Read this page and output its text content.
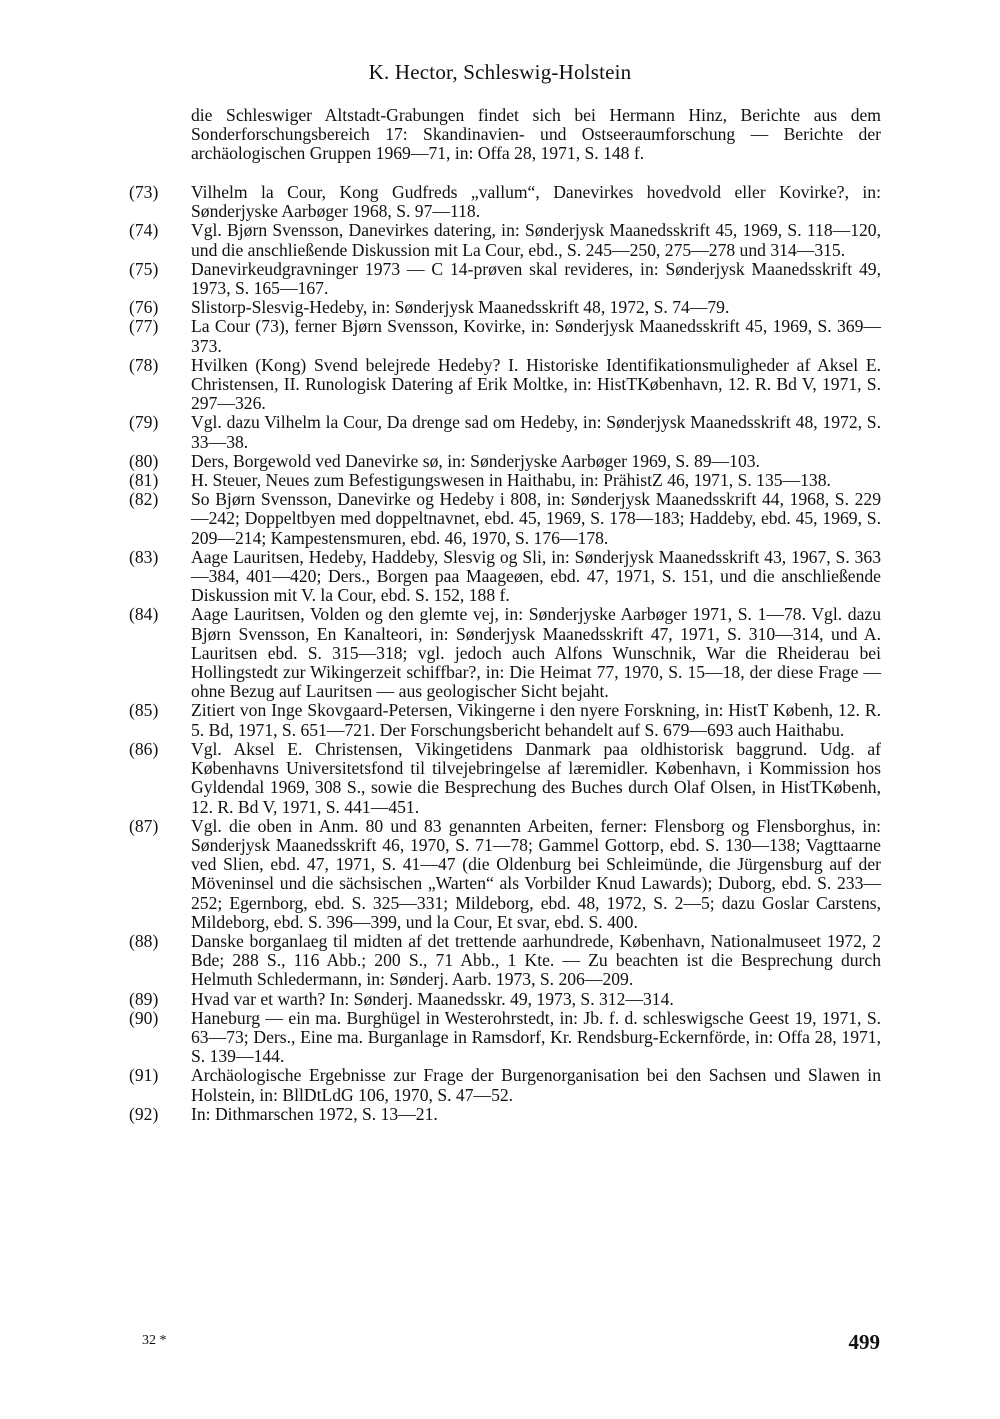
K. Hector, Schleswig-Holstein
die Schleswiger Altstadt-Grabungen findet sich bei Hermann Hinz, Berichte aus dem Sonderforschungsbereich 17: Skandinavien- und Ostseeraumforschung — Berichte der archäologischen Gruppen 1969—71, in: Offa 28, 1971, S. 148 f.
(73) Vilhelm la Cour, Kong Gudfreds „vallum“, Danevirkes hovedvold eller Kovirke?, in: Sønderjyske Aarbøger 1968, S. 97—118.
(74) Vgl. Bjørn Svensson, Danevirkes datering, in: Sønderjysk Maanedsskrift 45, 1969, S. 118—120, und die anschließende Diskussion mit La Cour, ebd., S. 245—250, 275—278 und 314—315.
(75) Danevirkeudgravninger 1973 — C 14-prøven skal revideres, in: Sønderjysk Maanedsskrift 49, 1973, S. 165—167.
(76) Slistorp-Slesvig-Hedeby, in: Sønderjysk Maanedsskrift 48, 1972, S. 74—79.
(77) La Cour (73), ferner Bjørn Svensson, Kovirke, in: Sønderjysk Maanedsskrift 45, 1969, S. 369—373.
(78) Hvilken (Kong) Svend belejrede Hedeby? I. Historiske Identifikationsmuligheder af Aksel E. Christensen, II. Runologisk Datering af Erik Moltke, in: HistTKøbenhavn, 12. R. Bd V, 1971, S. 297—326.
(79) Vgl. dazu Vilhelm la Cour, Da drenge sad om Hedeby, in: Sønderjysk Maanedsskrift 48, 1972, S. 33—38.
(80) Ders, Borgewold ved Danevirke sø, in: Sønderjyske Aarbøger 1969, S. 89—103.
(81) H. Steuer, Neues zum Befestigungswesen in Haithabu, in: PrähistZ 46, 1971, S. 135—138.
(82) So Bjørn Svensson, Danevirke og Hedeby i 808, in: Sønderjysk Maanedsskrift 44, 1968, S. 229—242; Doppeltbyen med doppeltnavnet, ebd. 45, 1969, S. 178—183; Haddeby, ebd. 45, 1969, S. 209—214; Kampestensmuren, ebd. 46, 1970, S. 176—178.
(83) Aage Lauritsen, Hedeby, Haddeby, Slesvig og Sli, in: Sønderjysk Maanedsskrift 43, 1967, S. 363—384, 401—420; Ders., Borgen paa Maageøen, ebd. 47, 1971, S. 151, und die anschließende Diskussion mit V. la Cour, ebd. S. 152, 188 f.
(84) Aage Lauritsen, Volden og den glemte vej, in: Sønderjyske Aarbøger 1971, S. 1—78. Vgl. dazu Bjørn Svensson, En Kanalteori, in: Sønderjysk Maanedsskrift 47, 1971, S. 310—314, und A. Lauritsen ebd. S. 315—318; vgl. jedoch auch Alfons Wunschnik, War die Rheiderau bei Hollingstedt zur Wikingerzeit schiffbar?, in: Die Heimat 77, 1970, S. 15—18, der diese Frage — ohne Bezug auf Lauritsen — aus geologischer Sicht bejaht.
(85) Zitiert von Inge Skovgaard-Petersen, Vikingerne i den nyere Forskning, in: HistT Københ, 12. R. 5. Bd, 1971, S. 651—721. Der Forschungsbericht behandelt auf S. 679—693 auch Haithabu.
(86) Vgl. Aksel E. Christensen, Vikingetidens Danmark paa oldhistorisk baggrund. Udg. af Københavns Universitetsfond til tilvejebringelse af læremidler. København, i Kommission hos Gyldendal 1969, 308 S., sowie die Besprechung des Buches durch Olaf Olsen, in HistTKøbenh, 12. R. Bd V, 1971, S. 441—451.
(87) Vgl. die oben in Anm. 80 und 83 genannten Arbeiten, ferner: Flensborg og Flensborghus, in: Sønderjysk Maanedsskrift 46, 1970, S. 71—78; Gammel Gottorp, ebd. S. 130—138; Vagttaarne ved Slien, ebd. 47, 1971, S. 41—47 (die Oldenburg bei Schleimünde, die Jürgensburg auf der Möveninsel und die sächsischen „Warten“ als Vorbilder Knud Lawards); Duborg, ebd. S. 233—252; Egernborg, ebd. S. 325—331; Mildeborg, ebd. 48, 1972, S. 2—5; dazu Goslar Carstens, Mildeborg, ebd. S. 396—399, und la Cour, Et svar, ebd. S. 400.
(88) Danske borganlaeg til midten af det trettende aarhundrede, København, Nationalmuseet 1972, 2 Bde; 288 S., 116 Abb.; 200 S., 71 Abb., 1 Kte. — Zu beachten ist die Besprechung durch Helmuth Schledermann, in: Sønderj. Aarb. 1973, S. 206—209.
(89) Hvad var et warth? In: Sønderj. Maanedsskr. 49, 1973, S. 312—314.
(90) Haneburg — ein ma. Burghügel in Westerohrstedt, in: Jb. f. d. schleswigsche Geest 19, 1971, S. 63—73; Ders., Eine ma. Burganlage in Ramsdorf, Kr. Rendsburg-Eckernförde, in: Offa 28, 1971, S. 139—144.
(91) Archäologische Ergebnisse zur Frage der Burgenorganisation bei den Sachsen und Slawen in Holstein, in: BllDtLdG 106, 1970, S. 47—52.
(92) In: Dithmarschen 1972, S. 13—21.
32 *	499
